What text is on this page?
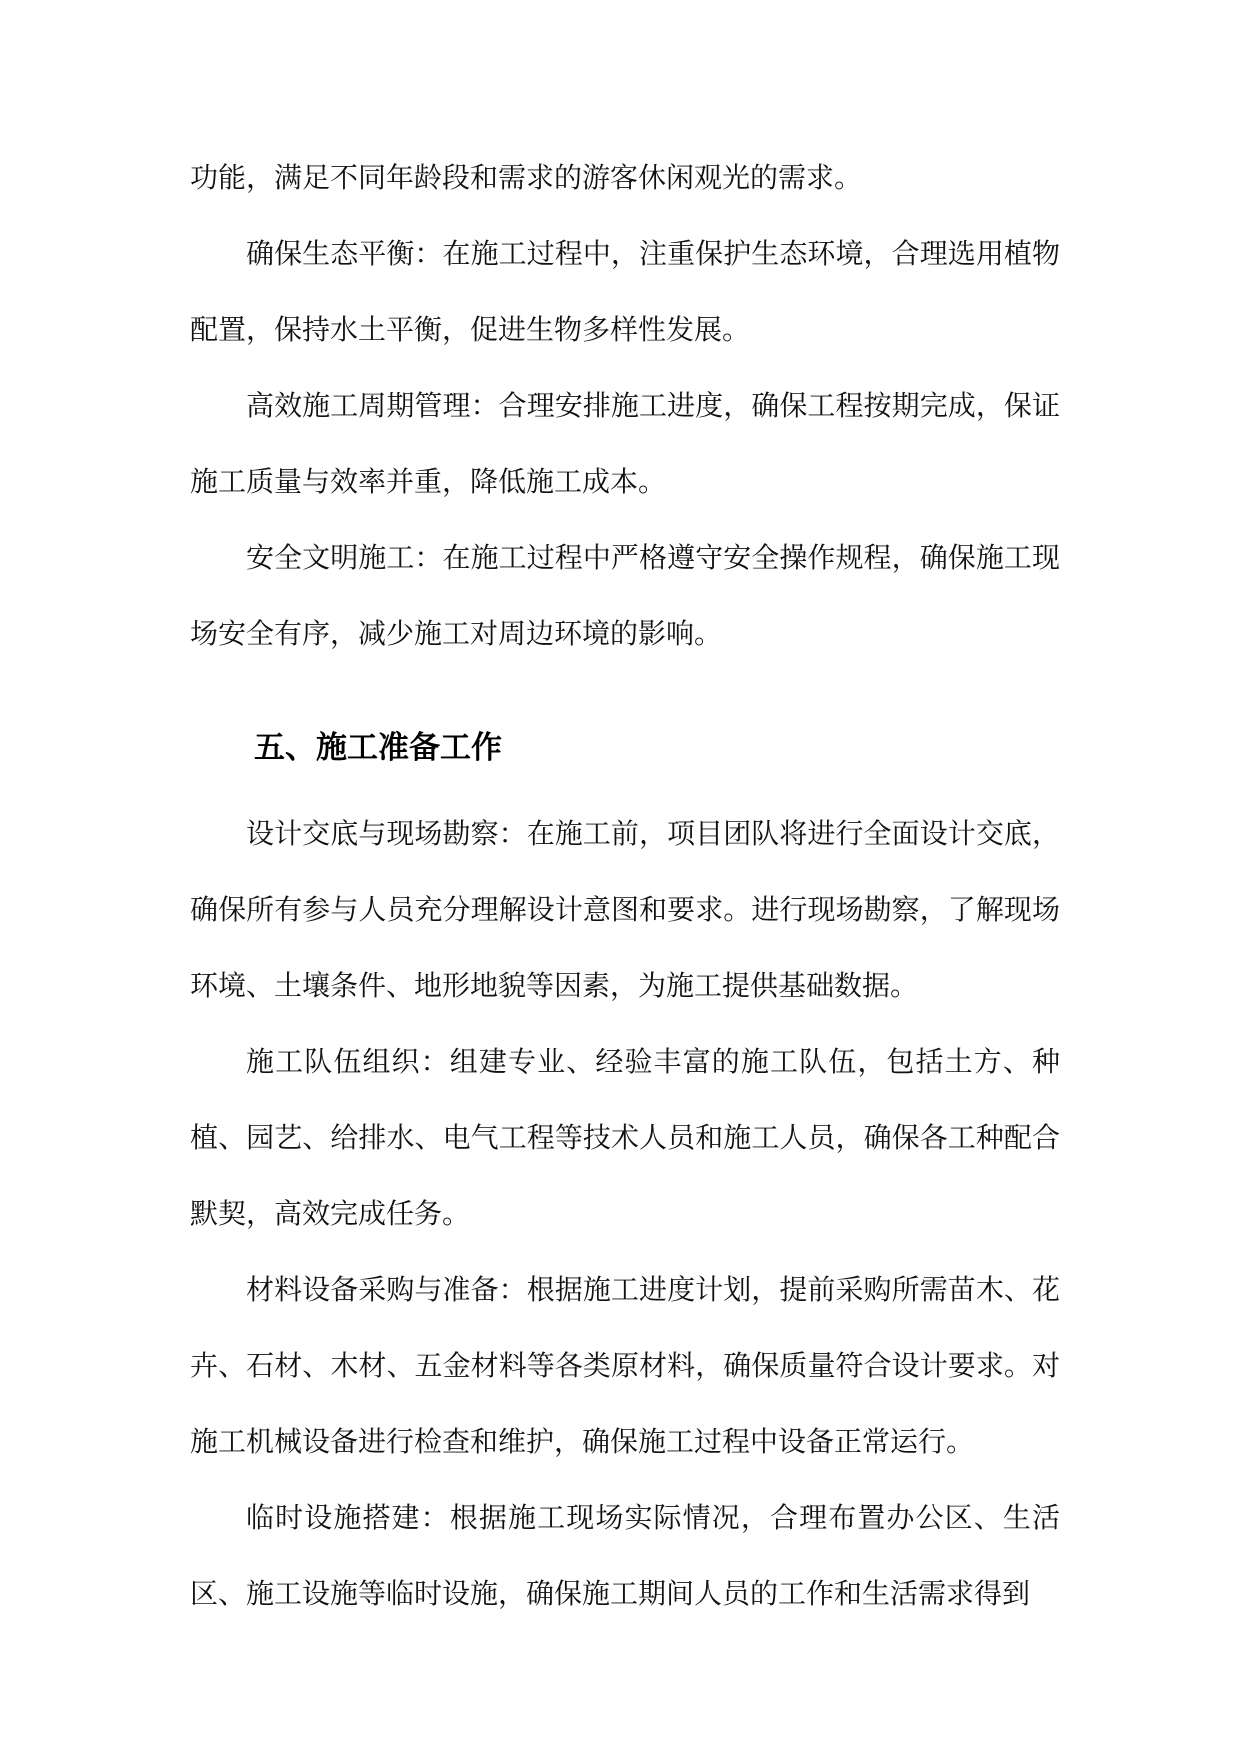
功能，满足不同年龄段和需求的游客休闲观光的需求。

确保生态平衡：在施工过程中，注重保护生态环境，合理选用植物配置，保持水土平衡，促进生物多样性发展。

高效施工周期管理：合理安排施工进度，确保工程按期完成，保证施工质量与效率并重，降低施工成本。

安全文明施工：在施工过程中严格遵守安全操作规程，确保施工现场安全有序，减少施工对周边环境的影响。

五、施工准备工作

设计交底与现场勘察：在施工前，项目团队将进行全面设计交底，确保所有参与人员充分理解设计意图和要求。进行现场勘察，了解现场环境、土壤条件、地形地貌等因素，为施工提供基础数据。

施工队伍组织：组建专业、经验丰富的施工队伍，包括土方、种植、园艺、给排水、电气工程等技术人员和施工人员，确保各工种配合默契，高效完成任务。

材料设备采购与准备：根据施工进度计划，提前采购所需苗木、花卉、石材、木材、五金材料等各类原材料，确保质量符合设计要求。对施工机械设备进行检查和维护，确保施工过程中设备正常运行。

临时设施搭建：根据施工现场实际情况，合理布置办公区、生活区、施工设施等临时设施，确保施工期间人员的工作和生活需求得到
